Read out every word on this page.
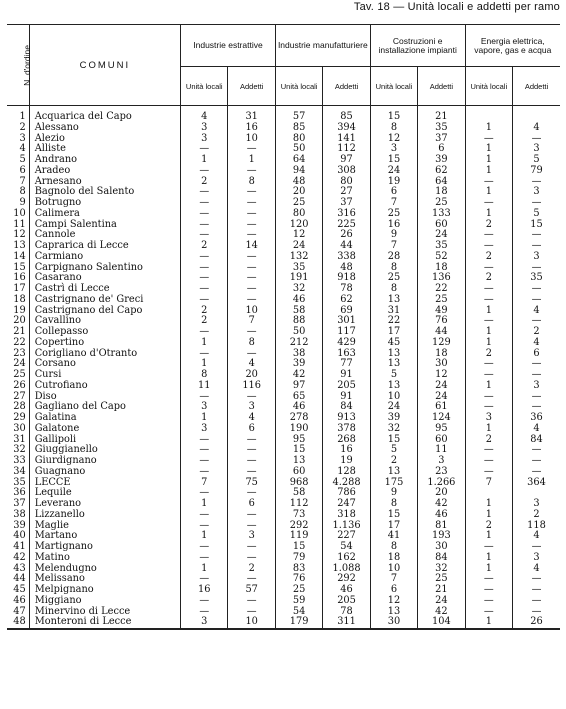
Tav. 18 — Unità locali e addetti per ramo
N. d'ordine	COMUNI	Industrie estrattive		Industrie manufatturiere		Costruzioni e installazione impianti		Energia elettrica, vapore, gas e acqua	
		Unità locali	Addetti	Unità locali	Addetti	Unità locali	Addetti	Unità locali	Addetti
1	Acquarica del Capo	4	31	57	85	15	21		
2	Alessano	3	16	85	394	8	35	1	4
3	Alezio	3	10	80	141	12	37	—	—
4	Alliste	—	—	50	112	3	6	1	3
5	Andrano	1	1	64	97	15	39	1	5
6	Aradeo	—	—	94	308	24	62	1	79
7	Arnesano	2	8	48	80	19	64	—	—
8	Bagnolo del Salento	—	—	20	27	6	18	1	3
9	Botrugno	—	—	25	37	7	25	—	—
10	Calimera	—	—	80	316	25	133	1	5
11	Campi Salentina	—	—	120	225	16	60	2	15
12	Cannole	—	—	12	26	9	24	—	—
13	Caprarica di Lecce	2	14	24	44	7	35	—	—
14	Carmiano	—	—	132	338	28	52	2	3
15	Carpignano Salentino	—	—	35	48	8	18	—	—
16	Casarano	—	—	191	918	25	136	2	35
17	Castrì di Lecce	—	—	32	78	8	22	—	—
18	Castrignano de' Greci	—	—	46	62	13	25	—	—
19	Castrignano del Capo	2	10	58	69	31	49	1	4
20	Cavallino	2	7	88	301	22	76	—	—
21	Collepasso	—	—	50	117	17	44	1	2
22	Copertino	1	8	212	429	45	129	1	4
23	Corigliano d'Otranto	—	—	38	163	13	18	2	6
24	Corsano	1	4	39	77	13	30	—	—
25	Cursi	8	20	42	91	5	12	—	—
26	Cutrofiano	11	116	97	205	13	24	1	3
27	Diso	—	—	65	91	10	24	—	—
28	Gagliano del Capo	3	3	46	84	24	61	—	—
29	Galatina	1	4	278	913	39	124	3	36
30	Galatone	3	6	190	378	32	95	1	4
31	Gallipoli	—	—	95	268	15	60	2	84
32	Giuggianello	—	—	15	16	5	11	—	—
33	Giurdignano	—	—	13	19	2	3	—	—
34	Guagnano	—	—	60	128	13	23	—	—
35	LECCE	7	75	968	4.288	175	1.266	7	364
36	Lequile	—	—	58	786	9	20		
37	Leverano	1	6	112	247	8	42	1	3
38	Lizzanello	—	—	73	318	15	46	1	2
39	Maglie	—	—	292	1.136	17	81	2	118
40	Martano	1	3	119	227	41	193	1	4
41	Martignano	—	—	15	54	8	30	—	—
42	Matino	—	—	79	162	18	84	1	3
43	Melendugno	1	2	83	1.088	10	32	1	4
44	Melissano	—	—	76	292	7	25	—	—
45	Melpignano	16	57	25	46	6	21	—	—
46	Miggiano	—	—	59	205	12	24	—	—
47	Minervino di Lecce	—	—	54	78	13	42	—	—
48	Monteroni di Lecce	3	10	179	311	30	104	1	26
